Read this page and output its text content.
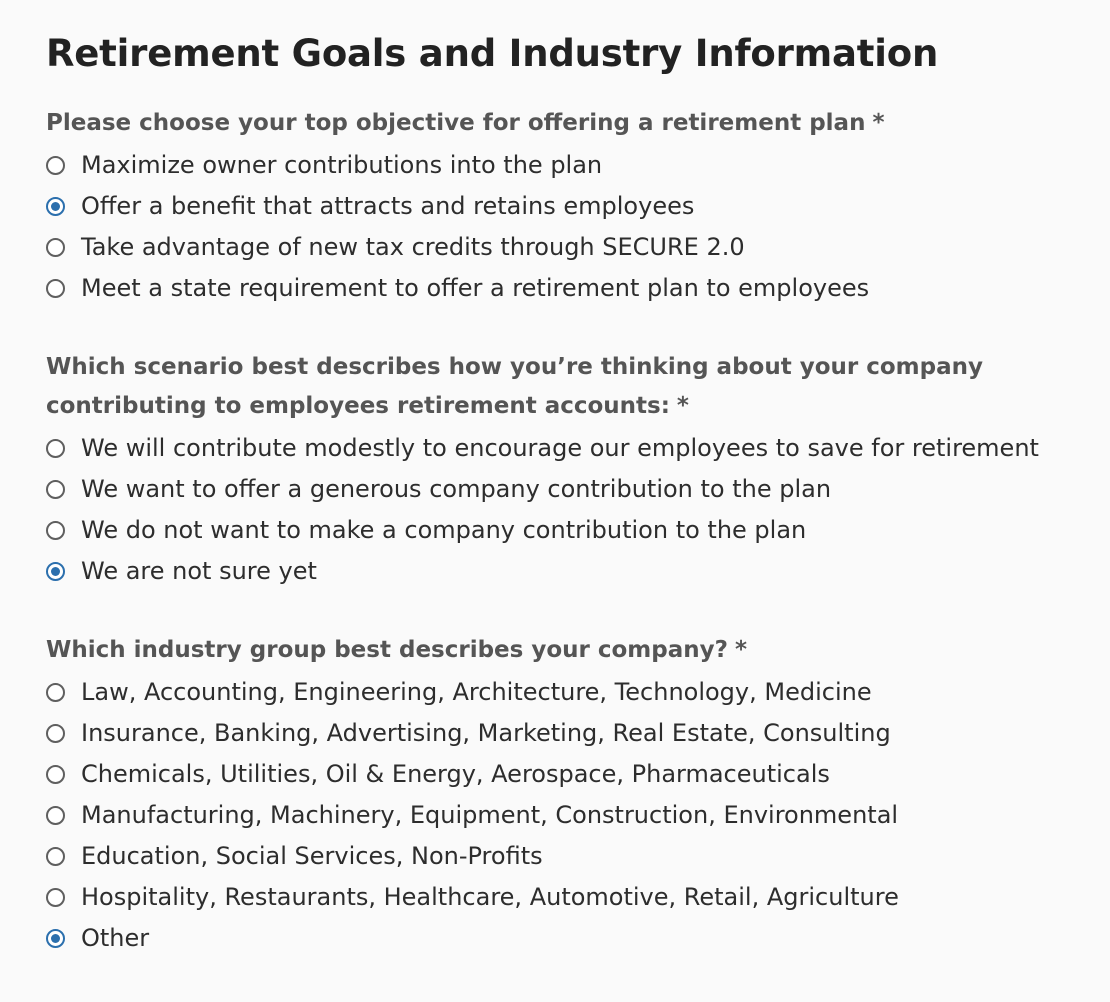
Retirement Goals and Industry Information
Please choose your top objective for offering a retirement plan *
Maximize owner contributions into the plan
Offer a benefit that attracts and retains employees
Take advantage of new tax credits through SECURE 2.0
Meet a state requirement to offer a retirement plan to employees
Which scenario best describes how you’re thinking about your company contributing to employees retirement accounts: *
We will contribute modestly to encourage our employees to save for retirement
We want to offer a generous company contribution to the plan
We do not want to make a company contribution to the plan
We are not sure yet
Which industry group best describes your company? *
Law, Accounting, Engineering, Architecture, Technology, Medicine
Insurance, Banking, Advertising, Marketing, Real Estate, Consulting
Chemicals, Utilities, Oil & Energy, Aerospace, Pharmaceuticals
Manufacturing, Machinery, Equipment, Construction, Environmental
Education, Social Services, Non-Profits
Hospitality, Restaurants, Healthcare, Automotive, Retail, Agriculture
Other
